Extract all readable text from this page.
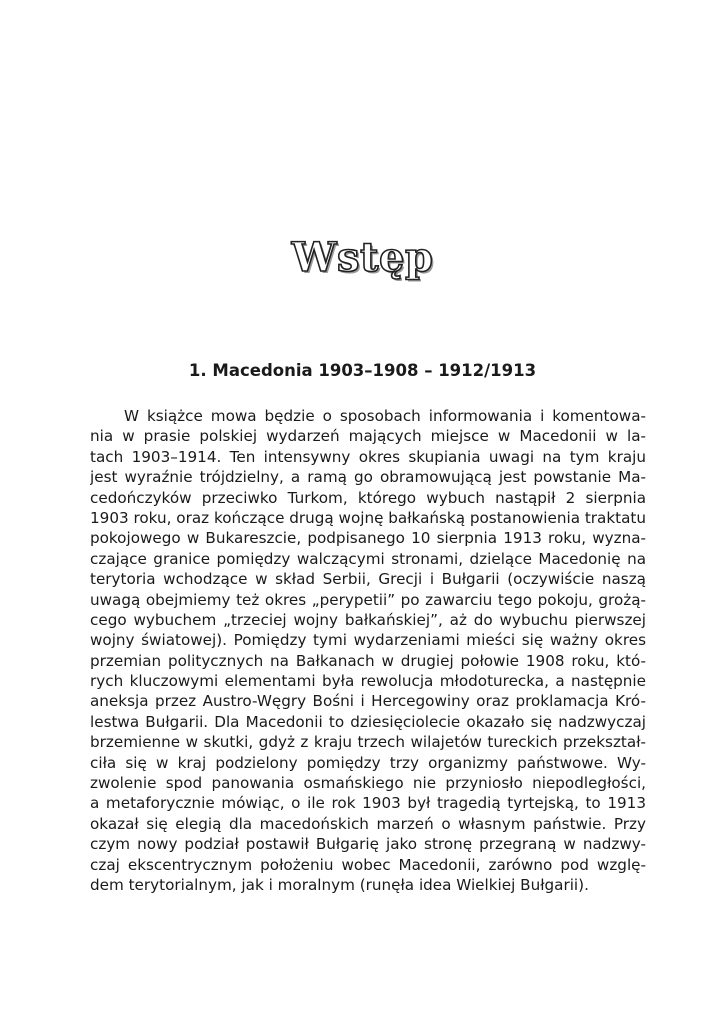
Wstęp
1. Macedonia 1903–1908 – 1912/1913
W książce mowa będzie o sposobach informowania i komentowa-
nia w prasie polskiej wydarzeń mających miejsce w Macedonii w la-
tach 1903–1914. Ten intensywny okres skupiania uwagi na tym kraju
jest wyraźnie trójdzielny, a ramą go obramowującą jest powstanie Ma-
cedończyków przeciwko Turkom, którego wybuch nastąpił 2 sierpnia
1903 roku, oraz kończące drugą wojnę bałkańską postanowienia traktatu
pokojowego w Bukareszcie, podpisanego 10 sierpnia 1913 roku, wyzna-
czające granice pomiędzy walczącymi stronami, dzielące Macedonię na
terytoria wchodzące w skład Serbii, Grecji i Bułgarii (oczywiście naszą
uwagą obejmiemy też okres „perypetii” po zawarciu tego pokoju, grożą-
cego wybuchem „trzeciej wojny bałkańskiej”, aż do wybuchu pierwszej
wojny światowej). Pomiędzy tymi wydarzeniami mieści się ważny okres
przemian politycznych na Bałkanach w drugiej połowie 1908 roku, któ-
rych kluczowymi elementami była rewolucja młodoturecka, a następnie
aneksja przez Austro-Węgry Bośni i Hercegowiny oraz proklamacja Kró-
lestwa Bułgarii. Dla Macedonii to dziesięciolecie okazało się nadzwyczaj
brzemienne w skutki, gdyż z kraju trzech wilajetów tureckich przekształ-
ciła się w kraj podzielony pomiędzy trzy organizmy państwowe. Wy-
zwolenie spod panowania osmańskiego nie przyniosło niepodległości,
a metaforycznie mówiąc, o ile rok 1903 był tragedią tyrtejską, to 1913
okazał się elegią dla macedońskich marzeń o własnym państwie. Przy
czym nowy podział postawił Bułgarię jako stronę przegraną w nadzwy-
czaj ekscentrycznym położeniu wobec Macedonii, zarówno pod wzglę-
dem terytorialnym, jak i moralnym (runęła idea Wielkiej Bułgarii).
